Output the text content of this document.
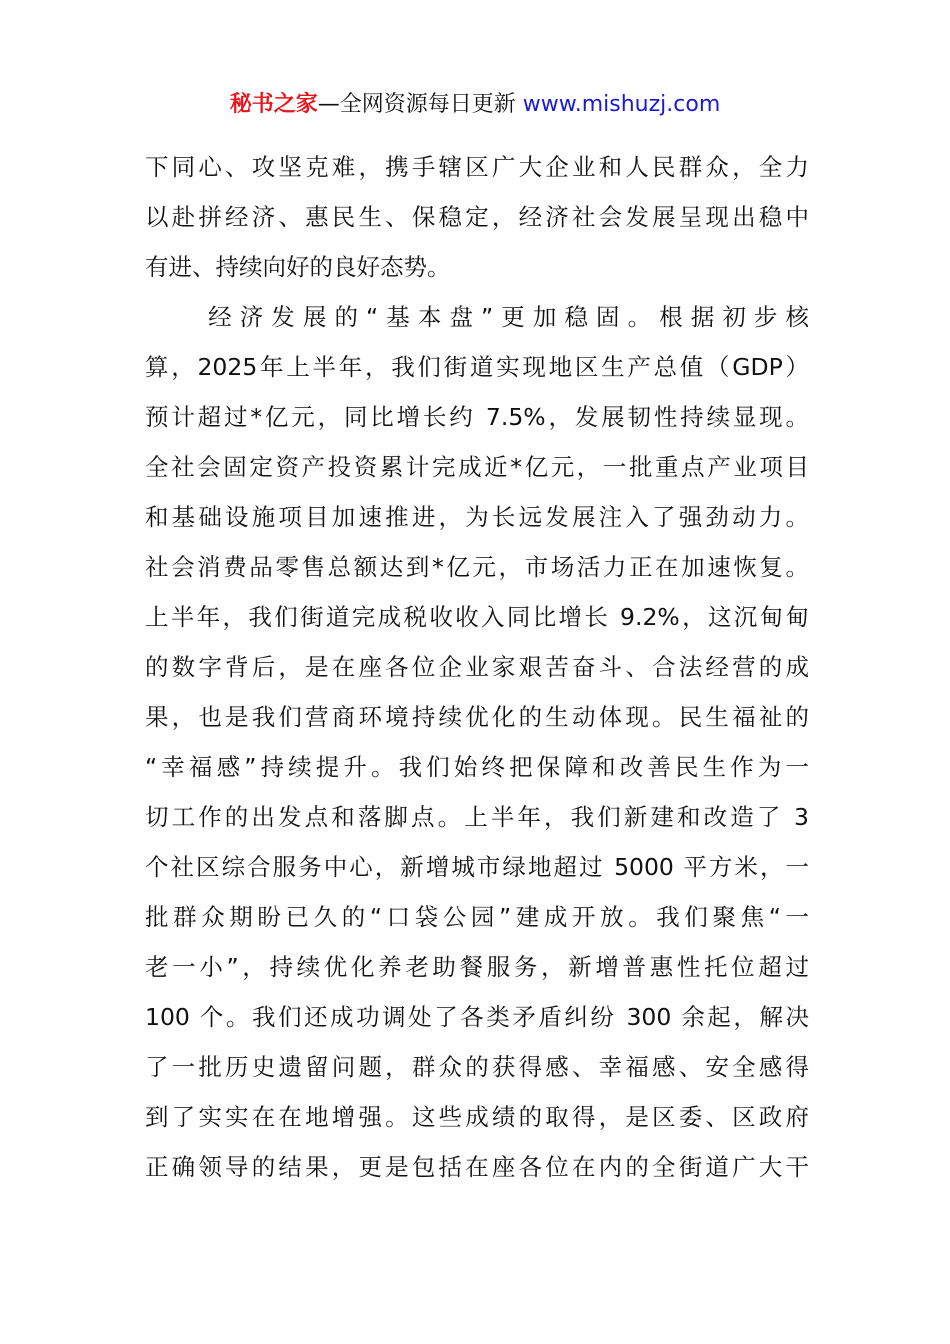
秘书之家—全网资源每日更新 www.mishuzj.com
下同心、攻坚克难，携手辖区广大企业和人民群众，全力
以赴拼经济、惠民生、保稳定，经济社会发展呈现出稳中
有进、持续向好的良好态势。
　　经济发展的“基本盘”更加稳固。根据初步核
算，2025年上半年，我们街道实现地区生产总值（GDP）
预计超过*亿元，同比增长约 7.5%，发展韧性持续显现。
全社会固定资产投资累计完成近*亿元，一批重点产业项目
和基础设施项目加速推进，为长远发展注入了强劲动力。
社会消费品零售总额达到*亿元，市场活力正在加速恢复。
上半年，我们街道完成税收收入同比增长 9.2%，这沉甸甸
的数字背后，是在座各位企业家艰苦奋斗、合法经营的成
果，也是我们营商环境持续优化的生动体现。民生福祉的
“幸福感”持续提升。我们始终把保障和改善民生作为一
切工作的出发点和落脚点。上半年，我们新建和改造了 3
个社区综合服务中心，新增城市绿地超过 5000 平方米，一
批群众期盼已久的“口袋公园”建成开放。我们聚焦“一
老一小”，持续优化养老助餐服务，新增普惠性托位超过
100 个。我们还成功调处了各类矛盾纠纷 300 余起，解决
了一批历史遗留问题，群众的获得感、幸福感、安全感得
到了实实在在地增强。这些成绩的取得，是区委、区政府
正确领导的结果，更是包括在座各位在内的全街道广大干
